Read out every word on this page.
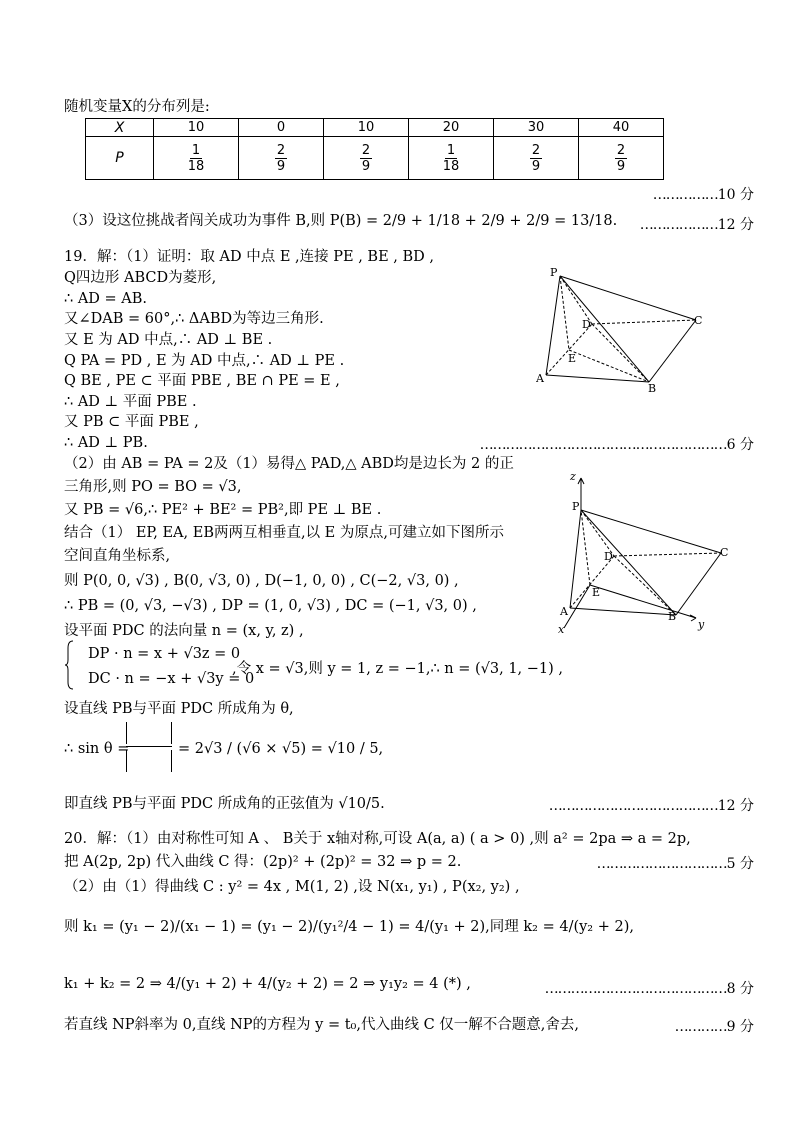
随机变量X的分布列是:
X	10	0	10	20	30	40
P	$\frac{1}{18}$	$\frac{2}{9}$	$\frac{2}{9}$	$\frac{1}{18}$	$\frac{2}{9}$	$\frac{2}{9}$
……………10 分
（3）设这位挑战者闯关成功为事件 B,则 P(B) = 2/9 + 1/18 + 2/9 + 2/9 = 13/18. ………………12 分
19．解：（1）证明：取 AD 中点 E ,连接 PE , BE , BD ,
Q四边形 ABCD为菱形,
∴ AD = AB.
又∠DAB = 60°,∴ ΔABD为等边三角形.
又 E 为 AD 中点,∴ AD ⊥ BE .
Q PA = PD , E 为 AD 中点,∴ AD ⊥ PE .
Q BE , PE ⊂ 平面 PBE , BE ∩ PE = E ,
∴ AD ⊥ 平面 PBE .
又 PB ⊂ 平面 PBE ,
∴ AD ⊥ PB.	…………………………………………………6 分
P
D	C
E
A
B
（2）由 AB = PA = 2及（1）易得△ PAD,△ ABD均是边长为 2 的正
三角形,则 PO = BO = √3,
又 PB = √6,∴ PE² + BE² = PB²,即 PE ⊥ BE .
结合（1） EP, EA, EB两两互相垂直,以 E 为原点,可建立如下图所示
空间直角坐标系,
则 P(0, 0, √3) , B(0, √3, 0) , D(−1, 0, 0) , C(−2, √3, 0) ,
∴ PB = (0, √3, −√3) , DP = (1, 0, √3) , DC = (−1, √3, 0) ,
设平面 PDC 的法向量 n = (x, y, z) ,
DP · n = x + √3z = 0
DC · n = −x + √3y = 0
,令 x = √3,则 y = 1, z = −1,∴ n = (√3, 1, −1) ,
设直线 PB与平面 PDC 所成角为 θ,
∴ sin θ =	= 2√3 / (√6 × √5) = √10 / 5,
即直线 PB与平面 PDC 所成角的正弦值为 √10/5.	…………………………………12 分
z
P
D	C
E
A	B
x	y
20．解：（1）由对称性可知 A 、 B关于 x轴对称,可设 A(a, a) ( a > 0) ,则 a² = 2pa ⇒ a = 2p,
把 A(2p, 2p) 代入曲线 C 得：(2p)² + (2p)² = 32 ⇒ p = 2.	…………………………5 分
（2）由（1）得曲线 C : y² = 4x , M(1, 2) ,设 N(x₁, y₁) , P(x₂, y₂) ,
则 k₁ = (y₁ − 2)/(x₁ − 1) = (y₁ − 2)/(y₁²/4 − 1) = 4/(y₁ + 2),同理 k₂ = 4/(y₂ + 2),
k₁ + k₂ = 2 ⇒ 4/(y₁ + 2) + 4/(y₂ + 2) = 2 ⇒ y₁y₂ = 4 (*) ,	……………………………………8 分
若直线 NP斜率为 0,直线 NP的方程为 y = t₀,代入曲线 C 仅一解不合题意,舍去,	…………9 分
